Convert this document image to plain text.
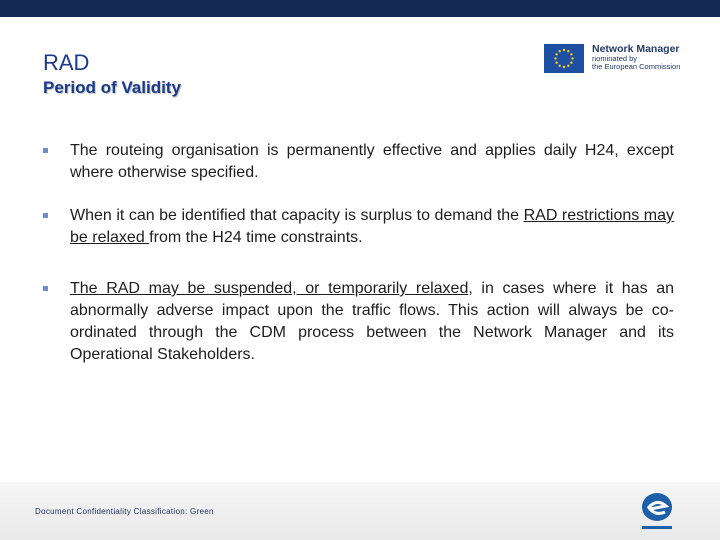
RAD
Period of Validity
Network Manager
nominated by
the European Commission
The routeing organisation is permanently effective and applies daily H24, except where otherwise specified.
When it can be identified that capacity is surplus to demand the RAD restrictions may be relaxed from the H24 time constraints.
The RAD may be suspended, or temporarily relaxed, in cases where it has an abnormally adverse impact upon the traffic flows. This action will always be co-ordinated through the CDM process between the Network Manager and its Operational Stakeholders.
Document Confidentiality Classification: Green
